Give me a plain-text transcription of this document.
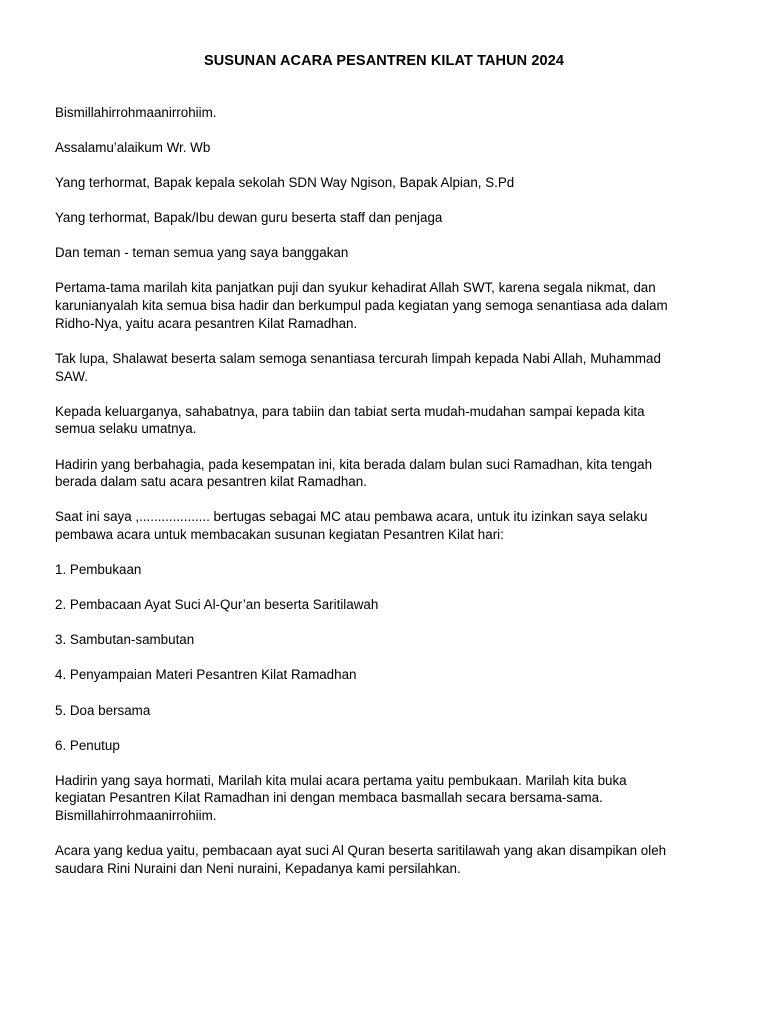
SUSUNAN ACARA PESANTREN KILAT TAHUN 2024

Bismillahirrohmaanirrohiim.

Assalamu’alaikum Wr. Wb

Yang terhormat, Bapak kepala sekolah SDN Way Ngison, Bapak Alpian, S.Pd

Yang terhormat, Bapak/Ibu dewan guru beserta staff dan penjaga

Dan teman - teman semua yang saya banggakan

Pertama-tama marilah kita panjatkan puji dan syukur kehadirat Allah SWT, karena segala nikmat, dan
karunianyalah kita semua bisa hadir dan berkumpul pada kegiatan yang semoga senantiasa ada dalam
Ridho-Nya, yaitu acara pesantren Kilat Ramadhan.

Tak lupa, Shalawat beserta salam semoga senantiasa tercurah limpah kepada Nabi Allah, Muhammad
SAW.

Kepada keluarganya, sahabatnya, para tabiin dan tabiat serta mudah-mudahan sampai kepada kita
semua selaku umatnya.

Hadirin yang berbahagia, pada kesempatan ini, kita berada dalam bulan suci Ramadhan, kita tengah
berada dalam satu acara pesantren kilat Ramadhan.

Saat ini saya ,................... bertugas sebagai MC atau pembawa acara, untuk itu izinkan saya selaku
pembawa acara untuk membacakan susunan kegiatan Pesantren Kilat hari:

1. Pembukaan

2. Pembacaan Ayat Suci Al-Qur’an beserta Saritilawah

3. Sambutan-sambutan

4. Penyampaian Materi Pesantren Kilat Ramadhan

5. Doa bersama

6. Penutup

Hadirin yang saya hormati, Marilah kita mulai acara pertama yaitu pembukaan. Marilah kita buka
kegiatan Pesantren Kilat Ramadhan ini dengan membaca basmallah secara bersama-sama.
Bismillahirrohmaanirrohiim.

Acara yang kedua yaitu, pembacaan ayat suci Al Quran beserta saritilawah yang akan disampikan oleh
saudara Rini Nuraini dan Neni nuraini, Kepadanya kami persilahkan.
